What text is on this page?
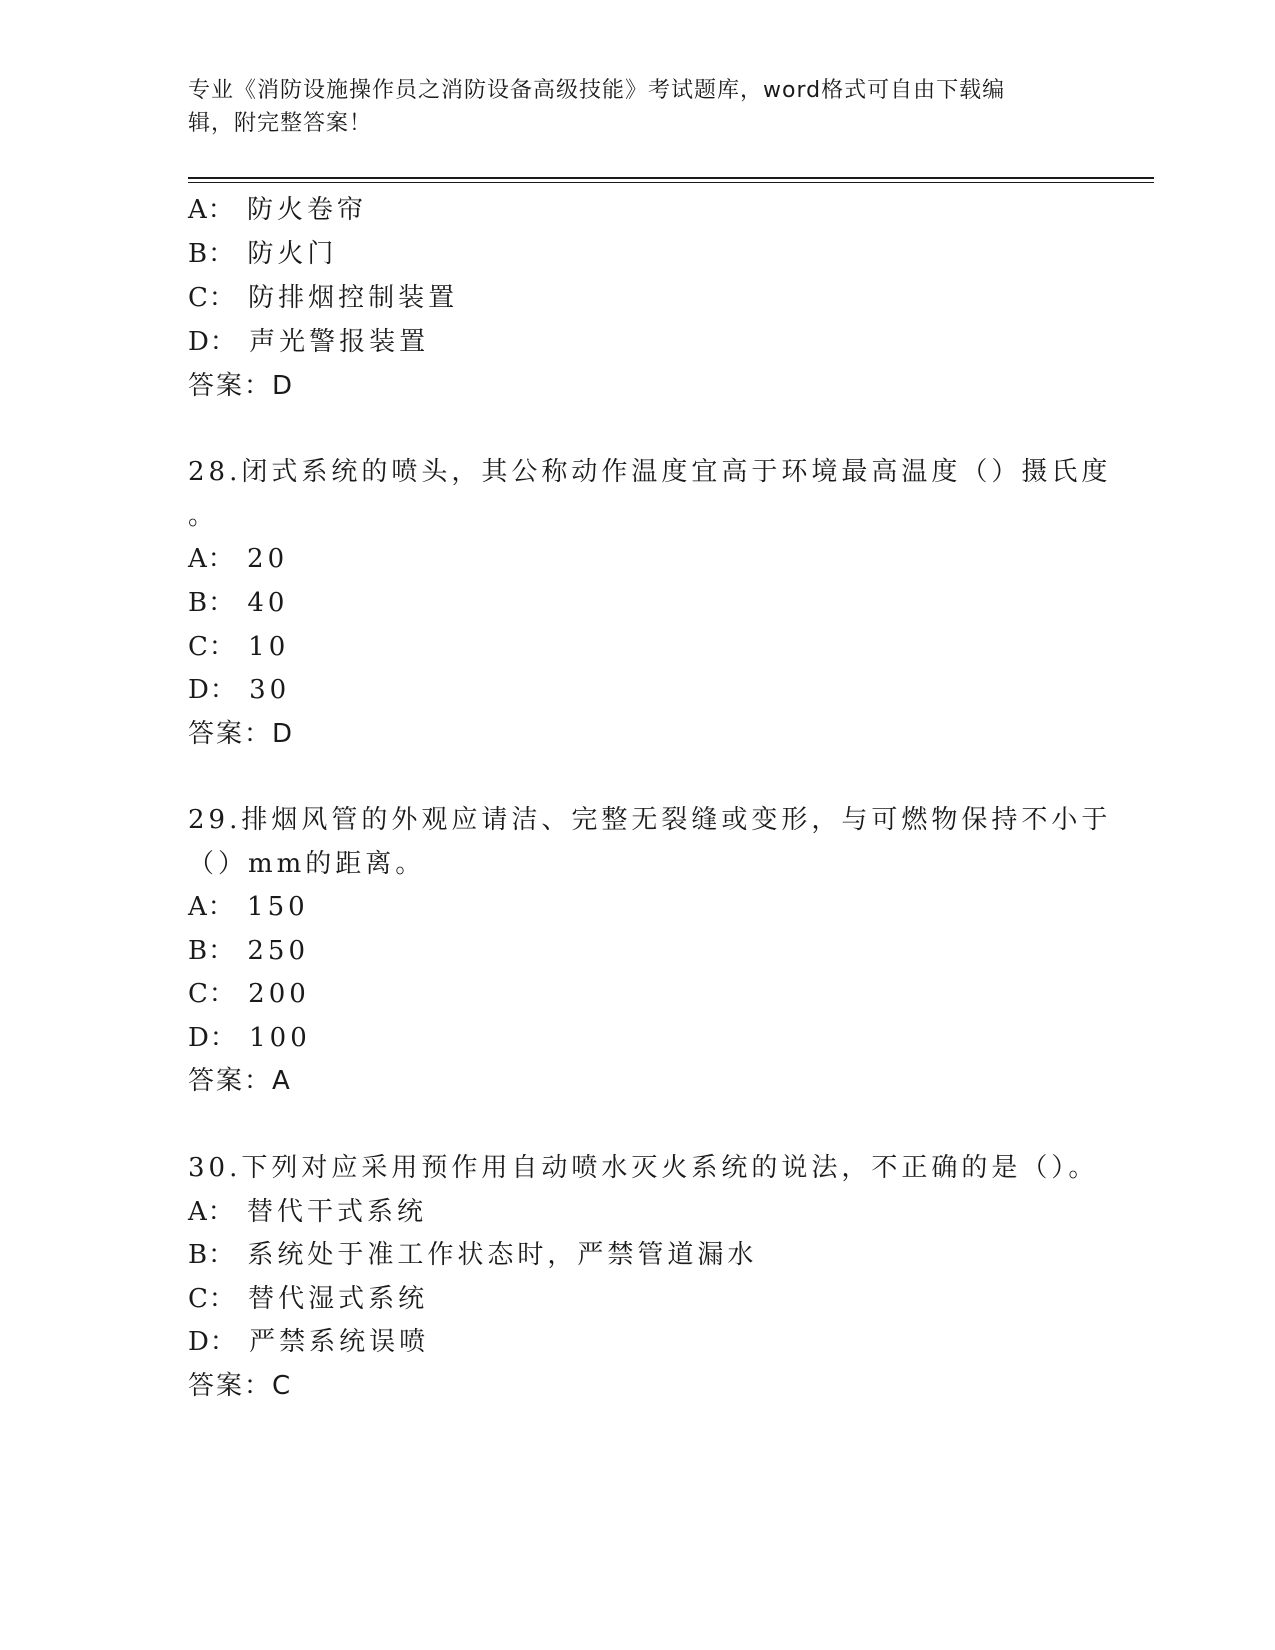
专业《消防设施操作员之消防设备高级技能》考试题库，word格式可自由下载编
辑，附完整答案！
A： 防火卷帘
B： 防火门
C： 防排烟控制装置
D： 声光警报装置
答案：D
28.闭式系统的喷头，其公称动作温度宜高于环境最高温度（）摄氏度
。
A： 20
B： 40
C： 10
D： 30
答案：D
29.排烟风管的外观应请洁、完整无裂缝或变形，与可燃物保持不小于
（）mm的距离。
A： 150
B： 250
C： 200
D： 100
答案：A
30.下列对应采用预作用自动喷水灭火系统的说法，不正确的是（）。
A： 替代干式系统
B： 系统处于准工作状态时，严禁管道漏水
C： 替代湿式系统
D： 严禁系统误喷
答案：C
